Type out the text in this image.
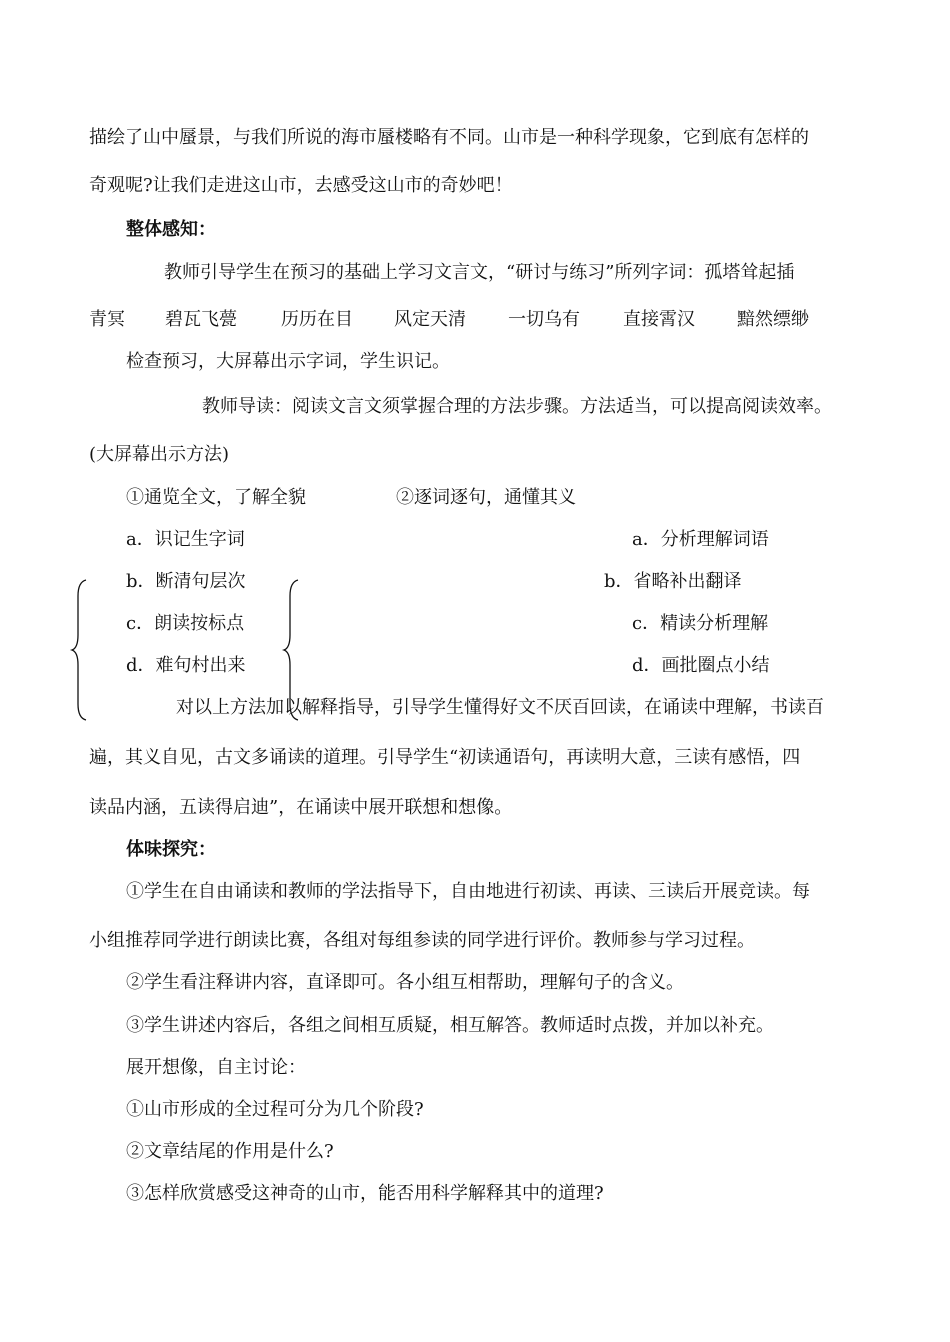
描绘了山中蜃景，与我们所说的海市蜃楼略有不同。山市是一种科学现象，它到底有怎样的
奇观呢?让我们走进这山市，去感受这山市的奇妙吧！
整体感知：
教师引导学生在预习的基础上学习文言文，“研讨与练习”所列字词：孤塔耸起插
青冥 碧瓦飞甍 历历在目 风定天清 一切乌有 直接霄汉 黯然缥缈
检查预习，大屏幕出示字词，学生识记。
教师导读：阅读文言文须掌握合理的方法步骤。方法适当，可以提高阅读效率。
(大屏幕出示方法)
①通览全文，了解全貌	②逐词逐句，通懂其义
a．识记生字词
b．断清句层次
c．朗读按标点
d．难句村出来
a．分析理解词语
b．省略补出翻译
c．精读分析理解
d．画批圈点小结
对以上方法加以解释指导，引导学生懂得好文不厌百回读，在诵读中理解，书读百
遍，其义自见，古文多诵读的道理。引导学生“初读通语句，再读明大意，三读有感悟，四
读品内涵，五读得启迪”，在诵读中展开联想和想像。
体味探究：
①学生在自由诵读和教师的学法指导下，自由地进行初读、再读、三读后开展竞读。每
小组推荐同学进行朗读比赛，各组对每组参读的同学进行评价。教师参与学习过程。
②学生看注释讲内容，直译即可。各小组互相帮助，理解句子的含义。
③学生讲述内容后，各组之间相互质疑，相互解答。教师适时点拨，并加以补充。
展开想像，自主讨论：
①山市形成的全过程可分为几个阶段?
②文章结尾的作用是什么?
③怎样欣赏感受这神奇的山市，能否用科学解释其中的道理?
